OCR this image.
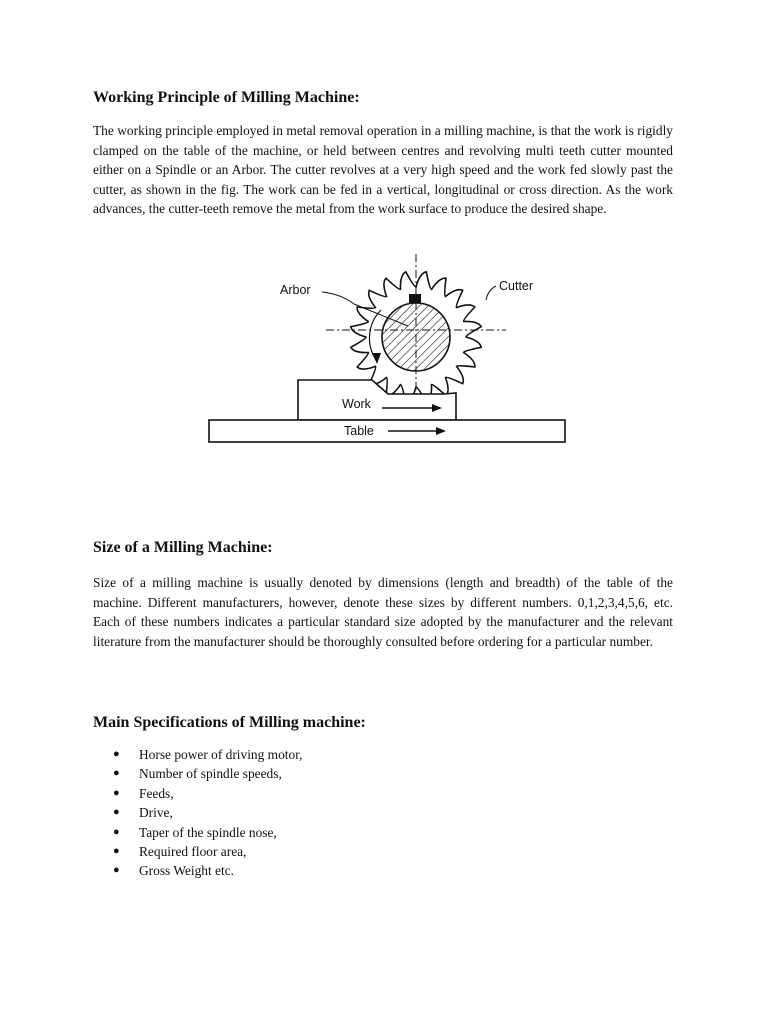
Working Principle of Milling Machine:

The working principle employed in metal removal operation in a milling machine, is that the work is rigidly clamped on the table of the machine, or held between centres and revolving multi teeth cutter mounted either on a Spindle or an Arbor. The cutter revolves at a very high speed and the work fed slowly past the cutter, as shown in the fig. The work can be fed in a vertical, longitudinal or cross direction. As the work advances, the cutter-teeth remove the metal from the work surface to produce the desired shape.

Arbor	Cutter
Work
Table
Size of a Milling Machine:

Size of a milling machine is usually denoted by dimensions (length and breadth) of the table of the machine. Different manufacturers, however, denote these sizes by different numbers. 0,1,2,3,4,5,6, etc. Each of these numbers indicates a particular standard size adopted by the manufacturer and the relevant literature from the manufacturer should be thoroughly consulted before ordering for a particular number.

Main Specifications of Milling machine:
● Horse power of driving motor,
● Number of spindle speeds,
● Feeds,
● Drive,
● Taper of the spindle nose,
● Required floor area,
● Gross Weight etc.
